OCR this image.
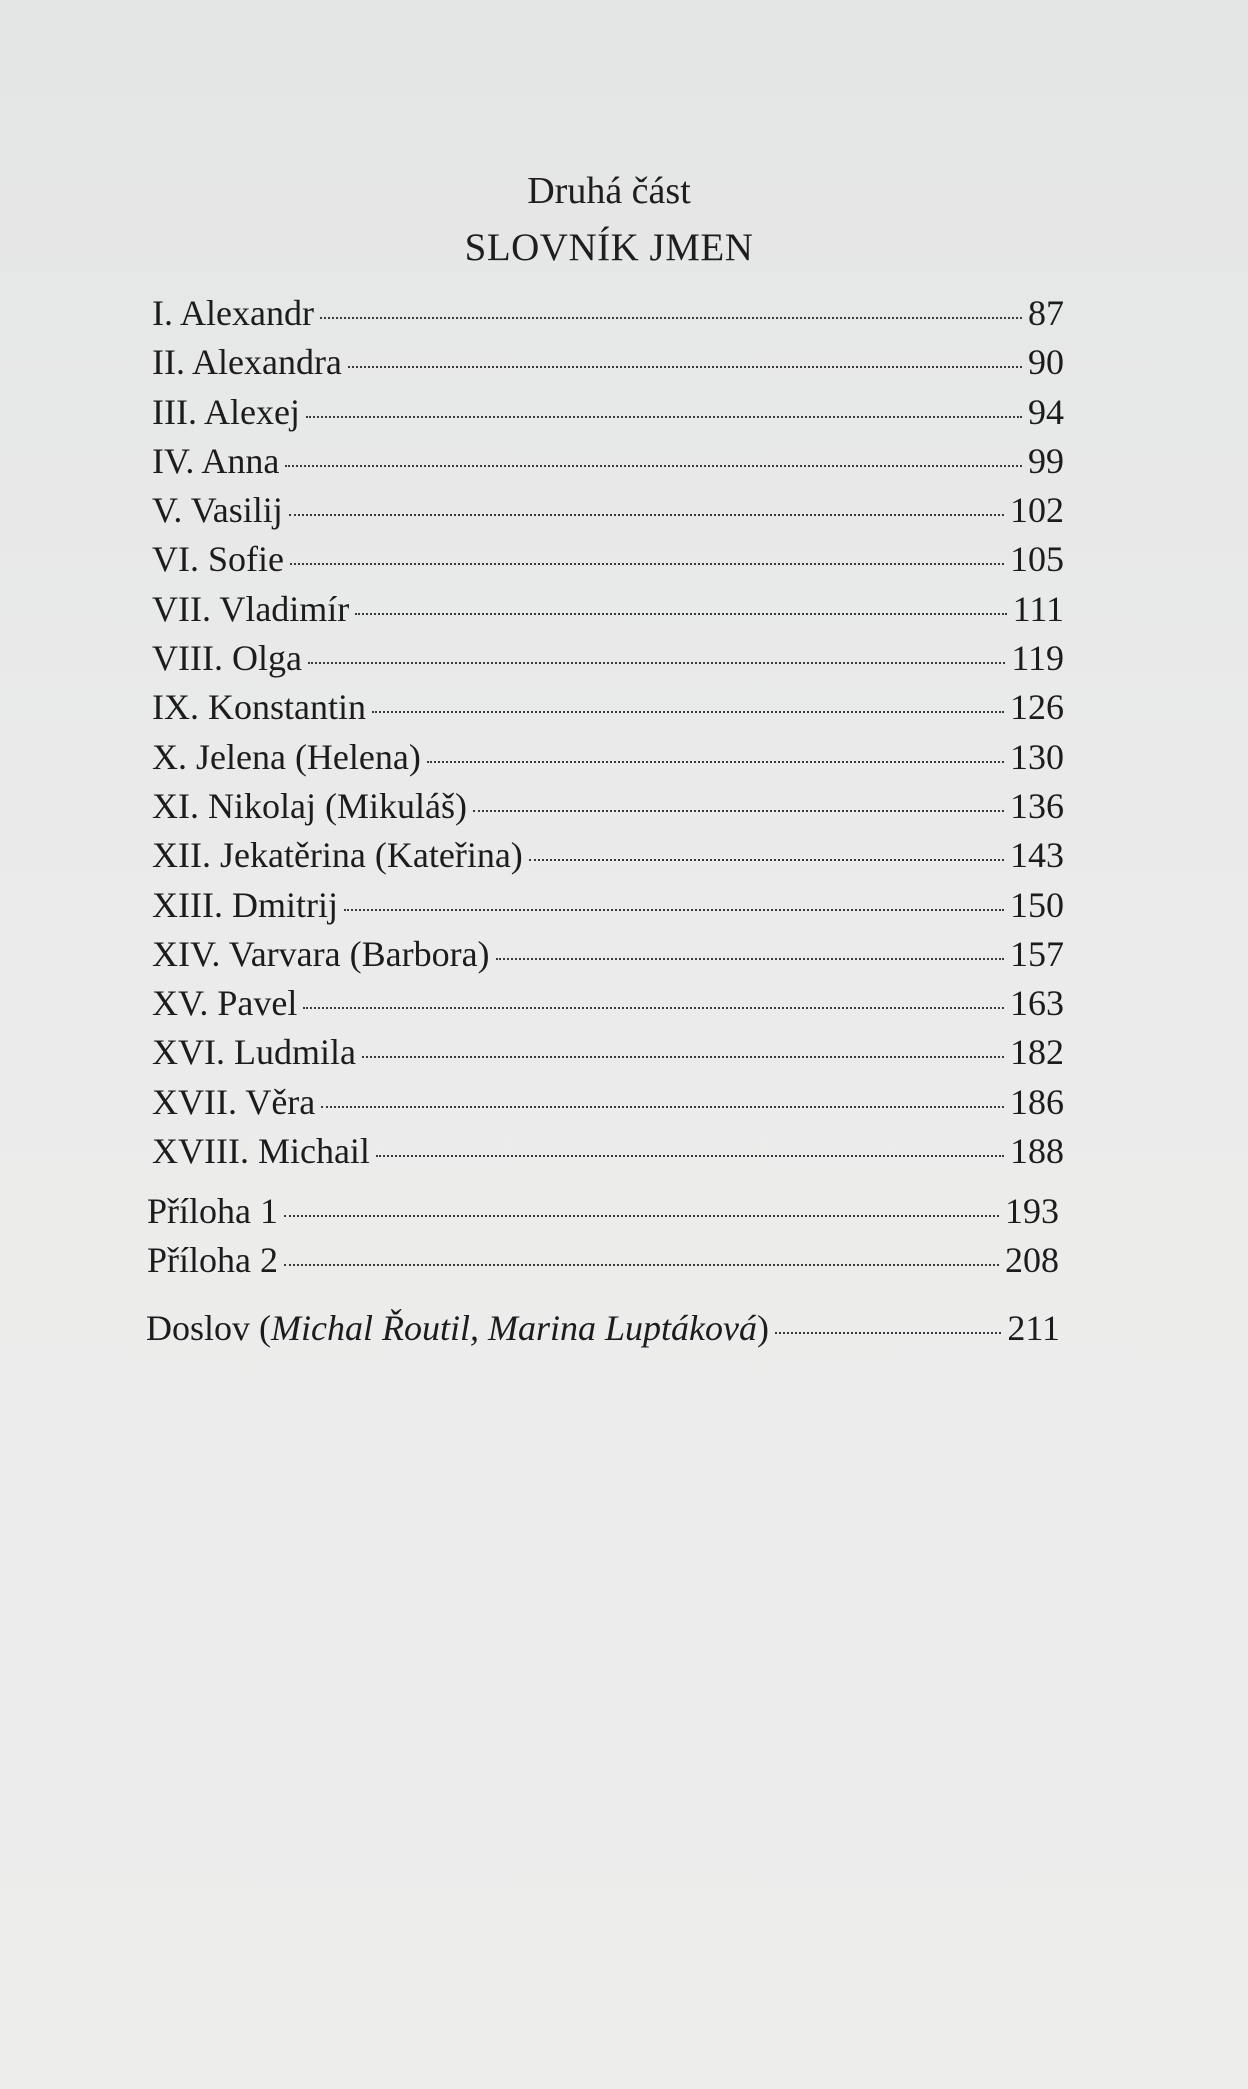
Druhá část
SLOVNÍK JMEN
I. Alexandr	87
II. Alexandra	90
III. Alexej	94
IV. Anna	99
V. Vasilij	102
VI. Sofie	105
VII. Vladimír	111
VIII. Olga	119
IX. Konstantin	126
X. Jelena (Helena)	130
XI. Nikolaj (Mikuláš)	136
XII. Jekatěrina (Kateřina)	143
XIII. Dmitrij	150
XIV. Varvara (Barbora)	157
XV. Pavel	163
XVI. Ludmila	182
XVII. Věra	186
XVIII. Michail	188
Příloha 1	193
Příloha 2	208
Doslov (Michal Řoutil, Marina Luptáková)	211
